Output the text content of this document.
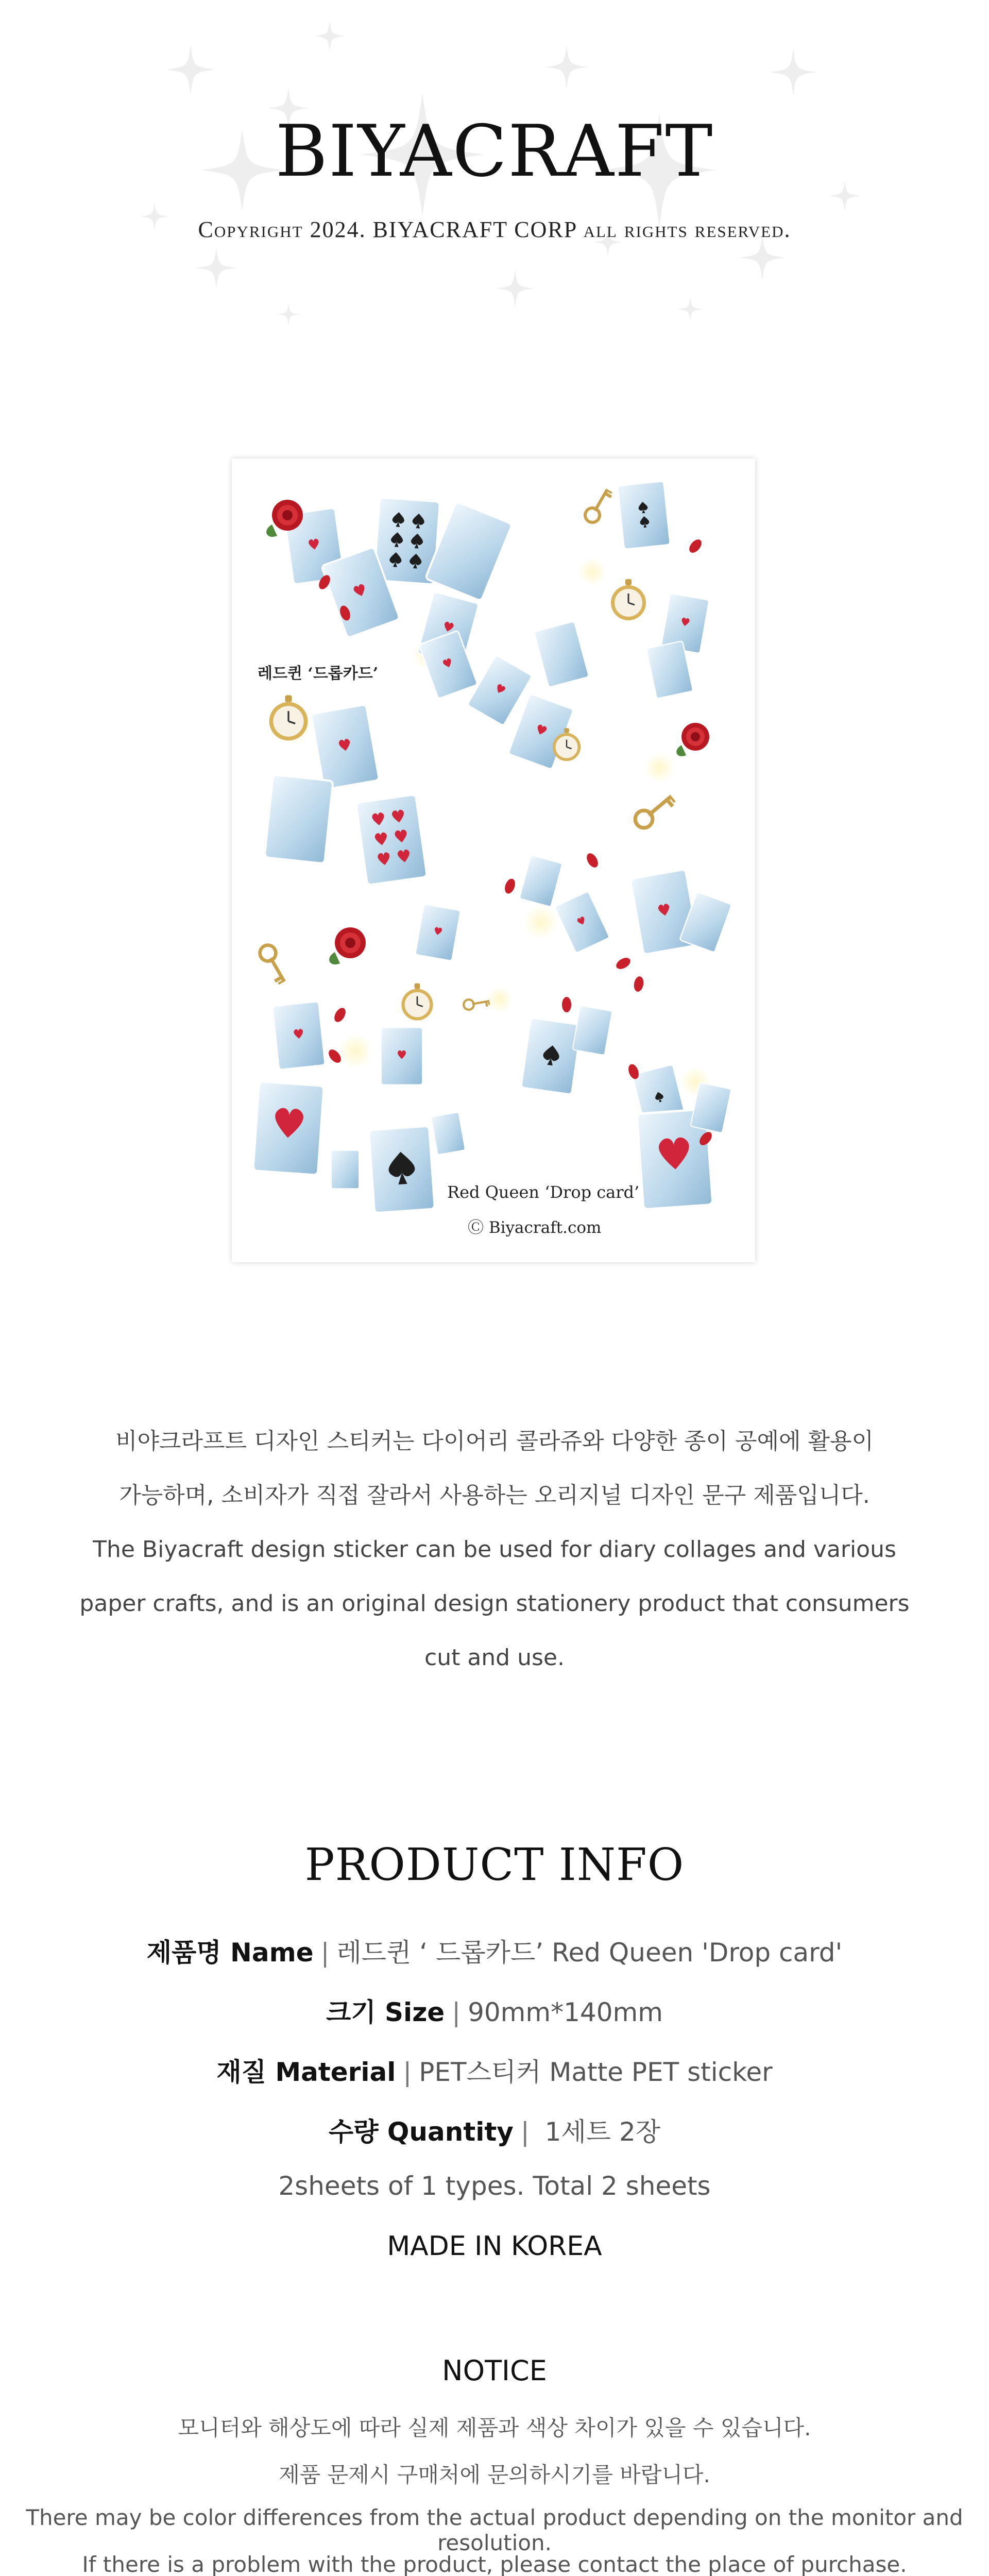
BIYACRAFT
Copyright 2024. BIYACRAFT CORP all rights reserved.
레드퀸 ‘드롭카드’
Red Queen ‘Drop card’
Ⓒ Biyacraft.com

비야크라프트 디자인 스티커는 다이어리 콜라쥬와 다양한 종이 공예에 활용이

가능하며, 소비자가 직접 잘라서 사용하는 오리지널 디자인 문구 제품입니다.

The Biyacraft design sticker can be used for diary collages and various

paper crafts, and is an original design stationery product that consumers

cut and use.

PRODUCT INFO
제품명 Name | 레드퀸 ‘ 드롭카드’ Red Queen 'Drop card'
크기 Size | 90mm*140mm
재질 Material | PET스티커 Matte PET sticker
수량 Quantity | 1세트 2장
2sheets of 1 types. Total 2 sheets
MADE IN KOREA
NOTICE
모니터와 해상도에 따라 실제 제품과 색상 차이가 있을 수 있습니다.
제품 문제시 구매처에 문의하시기를 바랍니다.
There may be color differences from the actual product depending on the monitor and resolution.
If there is a problem with the product, please contact the place of purchase.
